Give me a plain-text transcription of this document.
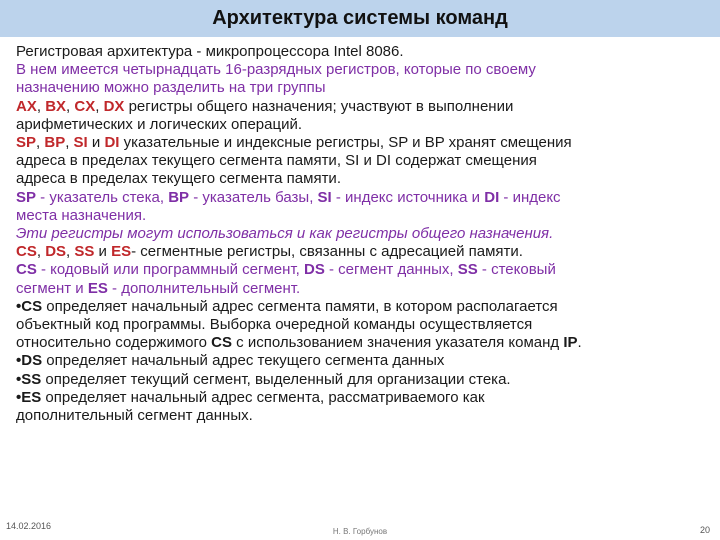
Архитектура системы команд
Регистровая архитектура - микропроцессора Intel 8086.
В нем имеется четырнадцать 16-разрядных регистров, которые по своему
назначению можно разделить на три группы
AX, BX, CX, DX регистры общего назначения; участвуют в выполнении
арифметических и логических операций.
SP, BP, SI и DI указательные и индексные регистры, SP и BP хранят смещения
адреса в пределах текущего сегмента памяти, SI и DI содержат смещения
адреса в пределах текущего сегмента памяти.
SP - указатель стека, BP - указатель базы, SI - индекс источника и DI - индекс
места назначения.
Эти регистры могут использоваться и как регистры общего назначения.
CS, DS, SS и ES- сегментные регистры, связанны с адресацией памяти.
CS - кодовый или программный сегмент, DS - сегмент данных, SS - стековый
сегмент и ES - дополнительный сегмент.
•CS определяет начальный адрес сегмента памяти, в котором располагается
объектный код программы. Выборка очередной команды осуществляется
относительно содержимого CS с использованием значения указателя команд IP.
•DS определяет начальный адрес текущего сегмента данных
•SS определяет текущий сегмент, выделенный для организации стека.
•ES определяет начальный адрес сегмента, рассматриваемого как
дополнительный сегмент данных.
14.02.2016
Н. В. Горбунов	20
